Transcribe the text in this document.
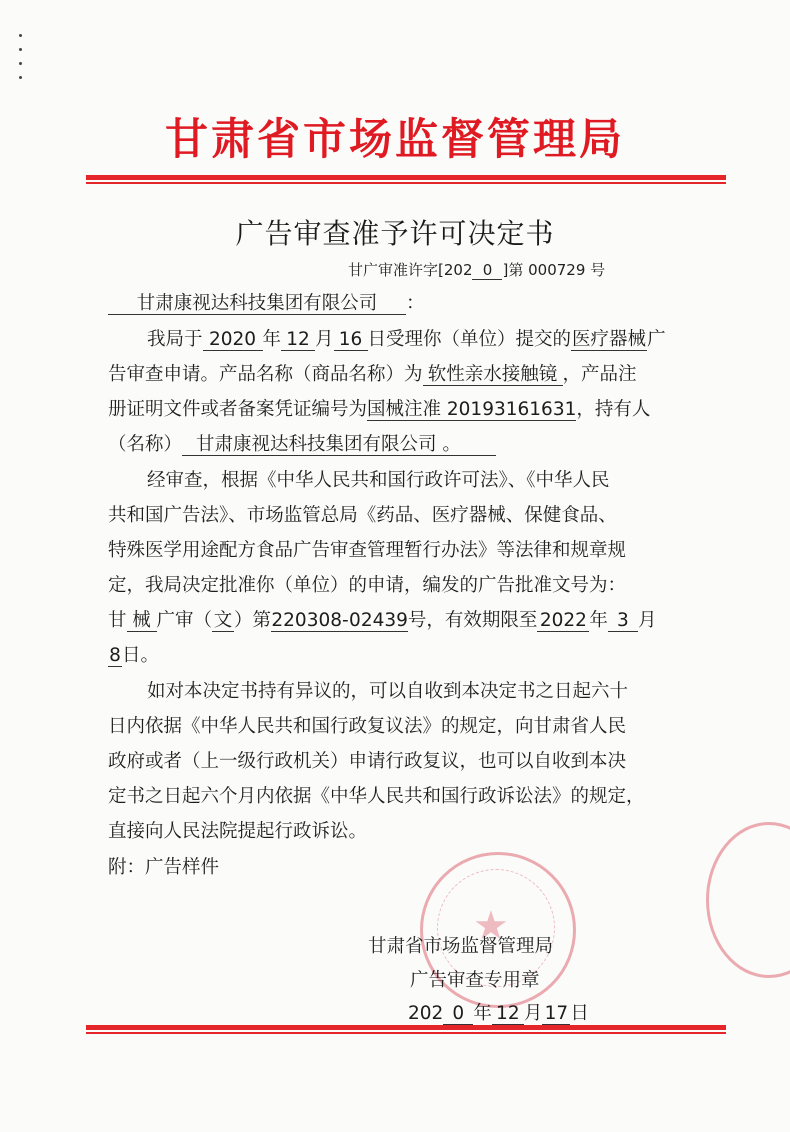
甘肃省市场监督管理局
广告审查准予许可决定书
甘广审准许字[202 0 ]第 000729 号
甘肃康视达科技集团有限公司 ：
我局于 2020 年 12 月 16 日受理你（单位）提交的医疗器械广
告审查申请。产品名称（商品名称）为 软性亲水接触镜 ，产品注
册证明文件或者备案凭证编号为国械注准 20193161631，持有人
（名称） 甘肃康视达科技集团有限公司 。
经审查，根据《中华人民共和国行政许可法》、《中华人民
共和国广告法》、市场监管总局《药品、医疗器械、保健食品、
特殊医学用途配方食品广告审查管理暂行办法》等法律和规章规
定，我局决定批准你（单位）的申请，编发的广告批准文号为：
甘 械 广审（文）第220308-02439号，有效期限至 2022 年 3 月
8日。
如对本决定书持有异议的，可以自收到本决定书之日起六十
日内依据《中华人民共和国行政复议法》的规定，向甘肃省人民
政府或者（上一级行政机关）申请行政复议，也可以自收到本决
定书之日起六个月内依据《中华人民共和国行政诉讼法》的规定，
直接向人民法院提起行政诉讼。
附：广告样件
★
甘肃省市场监督管理局
广告审查专用章
202 0 年 12 月 17 日
